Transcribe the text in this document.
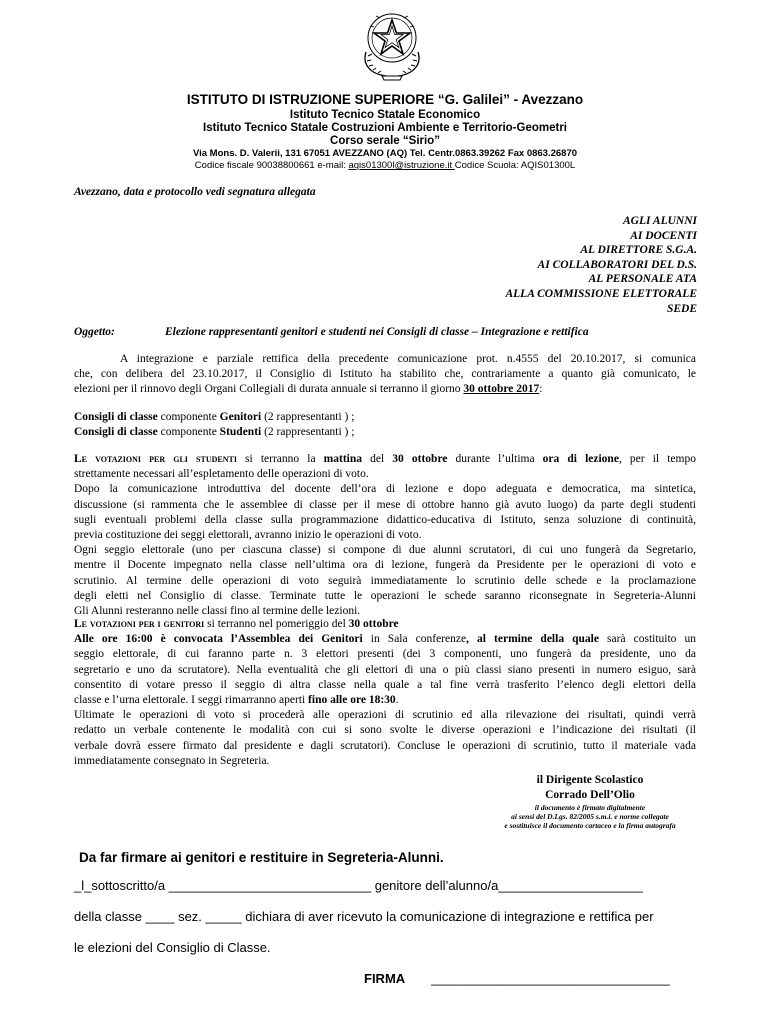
ISTITUTO DI ISTRUZIONE SUPERIORE “G. Galilei” - Avezzano
Istituto Tecnico Statale Economico
Istituto Tecnico Statale Costruzioni Ambiente e Territorio-Geometri
Corso serale “Sirio”
Via Mons. D. Valerii, 131 67051 AVEZZANO (AQ) Tel. Centr.0863.39262 Fax 0863.26870
Codice fiscale 90038800661 e-mail: aqis01300l@istruzione.it Codice Scuola: AQIS01300L
Avezzano, data e protocollo vedi segnatura allegata
AGLI ALUNNI
AI DOCENTI
AL DIRETTORE S.G.A.
AI COLLABORATORI DEL D.S.
AL PERSONALE ATA
ALLA COMMISSIONE ELETTORALE
SEDE
Oggetto:	Elezione rappresentanti genitori e studenti nei Consigli di classe – Integrazione e rettifica
A integrazione e parziale rettifica della precedente comunicazione prot. n.4555 del 20.10.2017, si comunica
che, con delibera del 23.10.2017, il Consiglio di Istituto ha stabilito che, contrariamente a quanto già comunicato, le
elezioni per il rinnovo degli Organi Collegiali di durata annuale si terranno il giorno 30 ottobre 2017:
Consigli di classe componente Genitori (2 rappresentanti ) ;
Consigli di classe componente Studenti (2 rappresentanti ) ;
Le votazioni per gli studenti si terranno la mattina del 30 ottobre durante l’ultima ora di lezione, per il tempo
strettamente necessari all’espletamento delle operazioni di voto.
Dopo la comunicazione introduttiva del docente dell’ora di lezione e dopo adeguata e democratica, ma sintetica,
discussione (si rammenta che le assemblee di classe per il mese di ottobre hanno già avuto luogo) da parte degli studenti
sugli eventuali problemi della classe sulla programmazione didattico-educativa di Istituto, senza soluzione di continuità,
previa costituzione dei seggi elettorali, avranno inizio le operazioni di voto.
Ogni seggio elettorale (uno per ciascuna classe) si compone di due alunni scrutatori, di cui uno fungerà da Segretario,
mentre il Docente impegnato nella classe nell’ultima ora di lezione, fungerà da Presidente per le operazioni di voto e
scrutinio. Al termine delle operazioni di voto seguirà immediatamente lo scrutinio delle schede e la proclamazione
degli eletti nel Consiglio di classe. Terminate tutte le operazioni le schede saranno riconsegnate in Segreteria-Alunni
Gli Alunni resteranno nelle classi fino al termine delle lezioni.
Le votazioni per i genitori si terranno nel pomeriggio del 30 ottobre
Alle ore 16:00 è convocata l’Assemblea dei Genitori in Sala conferenze, al termine della quale sarà costituito un
seggio elettorale, di cui faranno parte n. 3 elettori presenti (dei 3 componenti, uno fungerà da presidente, uno da
segretario e uno da scrutatore). Nella eventualità che gli elettori di una o più classi siano presenti in numero esiguo, sarà
consentito di votare presso il seggio di altra classe nella quale a tal fine verrà trasferito l’elenco degli elettori della
classe e l’urna elettorale. I seggi rimarranno aperti fino alle ore 18:30.
Ultimate le operazioni di voto si procederà alle operazioni di scrutinio ed alla rilevazione dei risultati, quindi verrà
redatto un verbale contenente le modalità con cui si sono svolte le diverse operazioni e l’indicazione dei risultati (il
verbale dovrà essere firmato dal presidente e dagli scrutatori). Concluse le operazioni di scrutinio, tutto il materiale vada
immediatamente consegnato in Segreteria.
il Dirigente Scolastico
Corrado Dell’Olio
il documento è firmato digitalmente
ai sensi del D.Lgs. 82/2005 s.m.i. e norme collegate
e sostituisce il documento cartaceo e la firma autografa
Da far firmare ai genitori e restituire in Segreteria-Alunni.
_l_sottoscritto/a ____________________________ genitore dell’alunno/a____________________
della classe ____ sez. _____ dichiara di aver ricevuto la comunicazione di integrazione e rettifica per
le elezioni del Consiglio di Classe.
FIRMA _________________________________
